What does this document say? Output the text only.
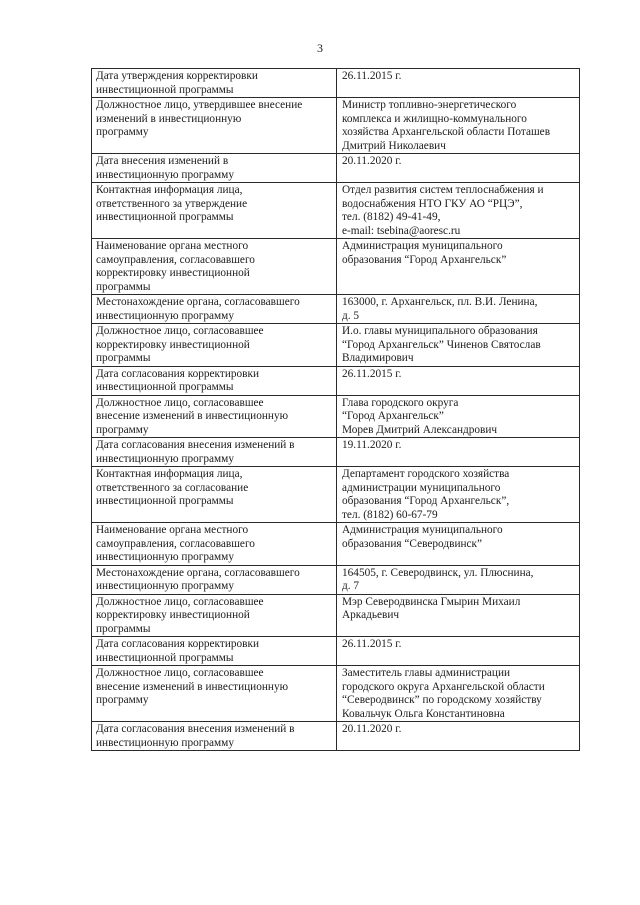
3
Дата утверждения корректировки
инвестиционной программы	26.11.2015 г.

Должностное лицо, утвердившее внесение
изменений в инвестиционную
программу	Министр топливно-энергетического
комплекса и жилищно-коммунального
хозяйства Архангельской области Поташев
Дмитрий Николаевич

Дата внесения изменений в
инвестиционную программу	20.11.2020 г.

Контактная информация лица,
ответственного за утверждение
инвестиционной программы	Отдел развития систем теплоснабжения и
водоснабжения НТО ГКУ АО “РЦЭ”,
тел. (8182) 49-41-49,
e-mail: tsebina@aoresc.ru

Наименование органа местного
самоуправления, согласовавшего
корректировку инвестиционной
программы	Администрация муниципального
образования “Город Архангельск”

Местонахождение органа, согласовавшего
инвестиционную программу	163000, г. Архангельск, пл. В.И. Ленина,
д. 5

Должностное лицо, согласовавшее
корректировку инвестиционной
программы	И.о. главы муниципального образования
“Город Архангельск” Чиненов Святослав
Владимирович

Дата согласования корректировки
инвестиционной программы	26.11.2015 г.

Должностное лицо, согласовавшее
внесение изменений в инвестиционную
программу	Глава городского округа
“Город Архангельск”
Морев Дмитрий Александрович

Дата согласования внесения изменений в
инвестиционную программу	19.11.2020 г.

Контактная информация лица,
ответственного за согласование
инвестиционной программы	Департамент городского хозяйства
администрации муниципального
образования “Город Архангельск”,
тел. (8182) 60-67-79

Наименование органа местного
самоуправления, согласовавшего
инвестиционную программу	Администрация муниципального
образования “Северодвинск”

Местонахождение органа, согласовавшего
инвестиционную программу	164505, г. Северодвинск, ул. Плюснина,
д. 7

Должностное лицо, согласовавшее
корректировку инвестиционной
программы	Мэр Северодвинска Гмырин Михаил
Аркадьевич

Дата согласования корректировки
инвестиционной программы	26.11.2015 г.

Должностное лицо, согласовавшее
внесение изменений в инвестиционную
программу	Заместитель главы администрации
городского округа Архангельской области
“Северодвинск” по городскому хозяйству
Ковальчук Ольга Константиновна

Дата согласования внесения изменений в
инвестиционную программу	20.11.2020 г.
